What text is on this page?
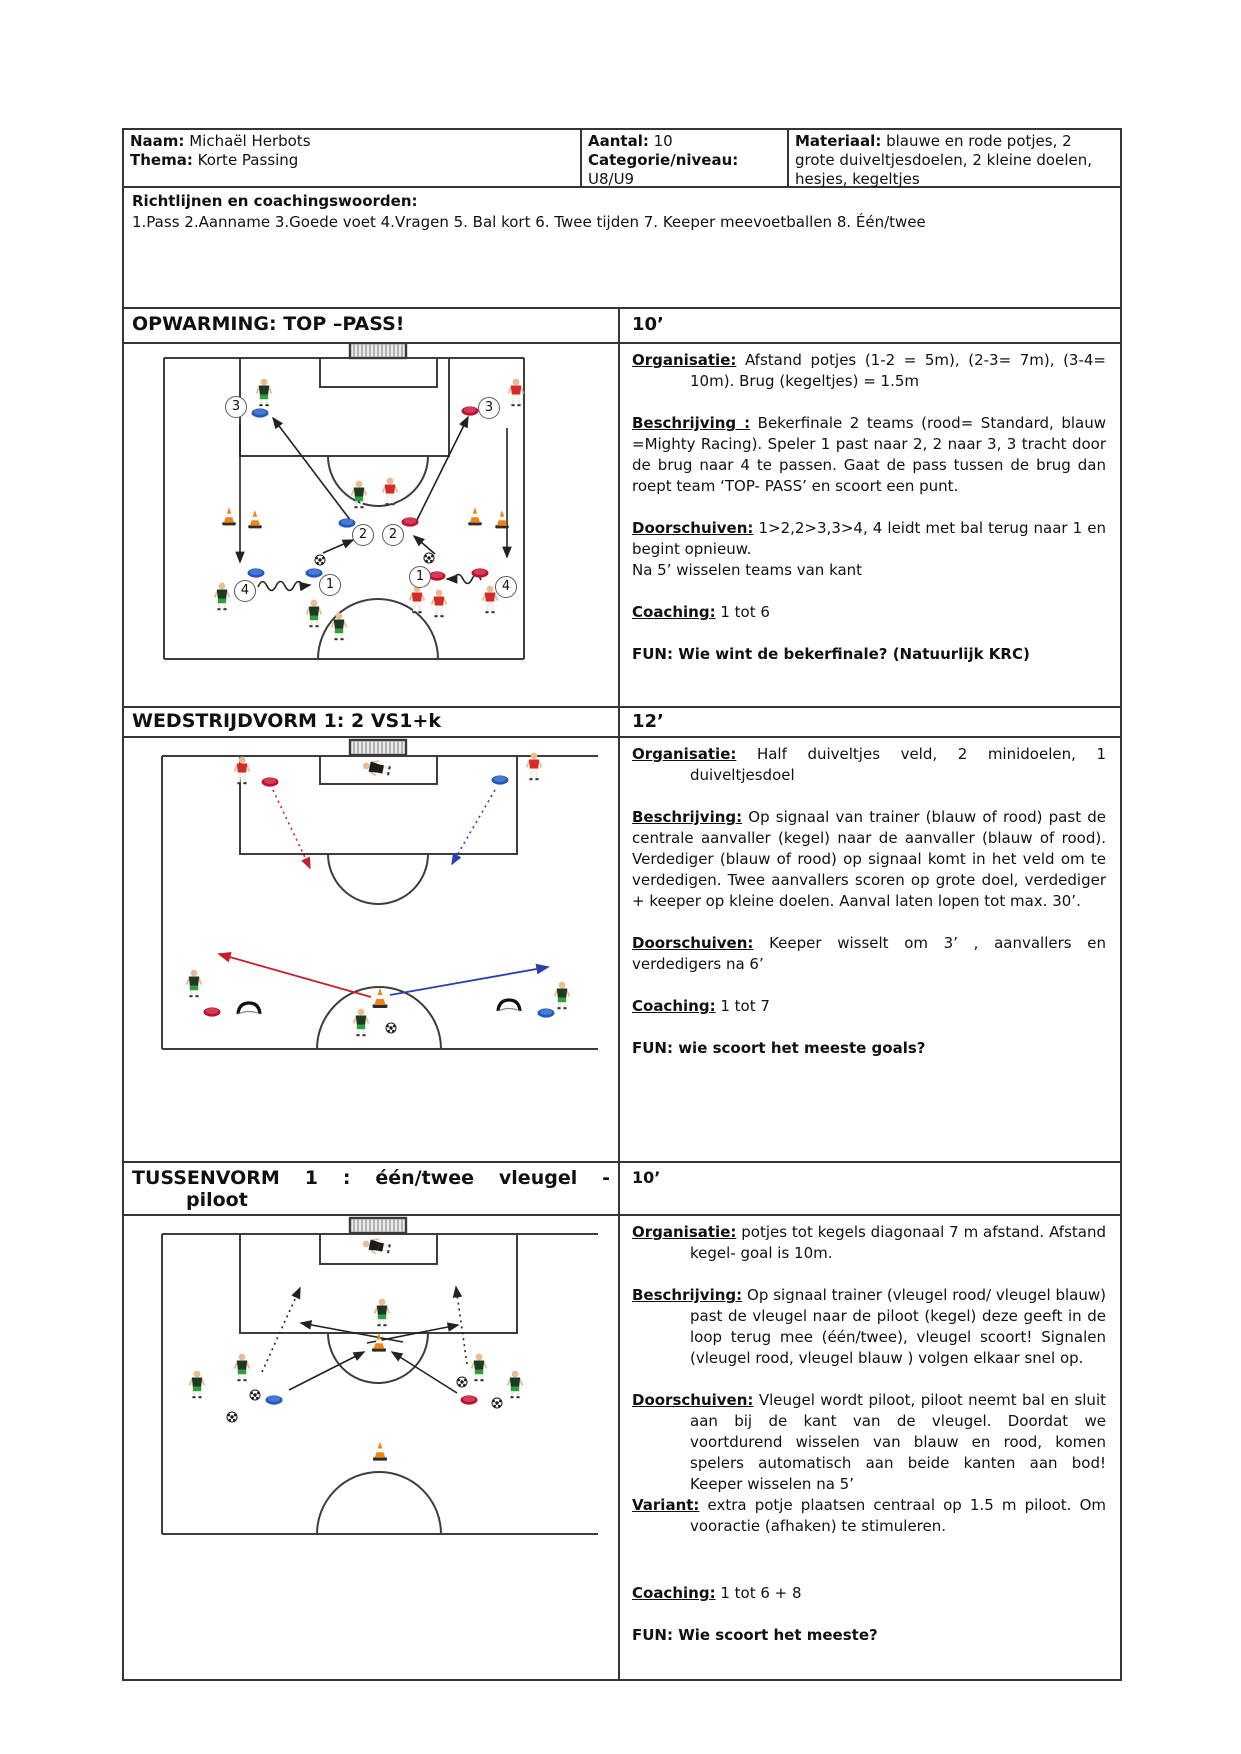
Naam: Michaël Herbots
Thema: Korte Passing
Aantal: 10
Categorie/niveau:
U8/U9
Materiaal: blauwe en rode potjes, 2 grote duiveltjesdoelen, 2 kleine doelen, hesjes, kegeltjes
Richtlijnen en coachingswoorden:
1.Pass 2.Aanname 3.Goede voet 4.Vragen 5. Bal kort 6. Twee tijden 7. Keeper meevoetballen 8. Één/twee
OPWARMING: TOP –PASS!	10’
3	3
2	2
1
1
4	4

Organisatie: Afstand potjes (1-2 = 5m), (2-3= 7m), (3-4= 10m). Brug (kegeltjes) = 1.5m

Beschrijving : Bekerfinale 2 teams (rood= Standard, blauw =Mighty Racing). Speler 1 past naar 2, 2 naar 3, 3 tracht door de brug naar 4 te passen. Gaat de pass tussen de brug dan roept team ‘TOP- PASS’ en scoort een punt.

Doorschuiven: 1>2,2>3,3>4, 4 leidt met bal terug naar 1 en begint opnieuw.

Na 5’ wisselen teams van kant

Coaching: 1 tot 6

FUN: Wie wint de bekerfinale? (Natuurlijk KRC)

WEDSTRIJDVORM 1: 2 VS1+k	12’

Organisatie: Half duiveltjes veld, 2 minidoelen, 1 duiveltjesdoel

Beschrijving: Op signaal van trainer (blauw of rood) past de centrale aanvaller (kegel) naar de aanvaller (blauw of rood). Verdediger (blauw of rood) op signaal komt in het veld om te verdedigen. Twee aanvallers scoren op grote doel, verdediger + keeper op kleine doelen. Aanval laten lopen tot max. 30’.

Doorschuiven: Keeper wisselt om 3’ , aanvallers en verdedigers na 6’

Coaching: 1 tot 7

FUN: wie scoort het meeste goals?

TUSSENVORM 1 : één/twee vleugel -
piloot
10’

Organisatie: potjes tot kegels diagonaal 7 m afstand. Afstand kegel- goal is 10m.

Beschrijving: Op signaal trainer (vleugel rood/ vleugel blauw) past de vleugel naar de piloot (kegel) deze geeft in de loop terug mee (één/twee), vleugel scoort! Signalen (vleugel rood, vleugel blauw ) volgen elkaar snel op.

Doorschuiven: Vleugel wordt piloot, piloot neemt bal en sluit aan bij de kant van de vleugel. Doordat we voortdurend wisselen van blauw en rood, komen spelers automatisch aan beide kanten aan bod! Keeper wisselen na 5’

Variant: extra potje plaatsen centraal op 1.5 m piloot. Om vooractie (afhaken) te stimuleren.

Coaching: 1 tot 6 + 8

FUN: Wie scoort het meeste?
